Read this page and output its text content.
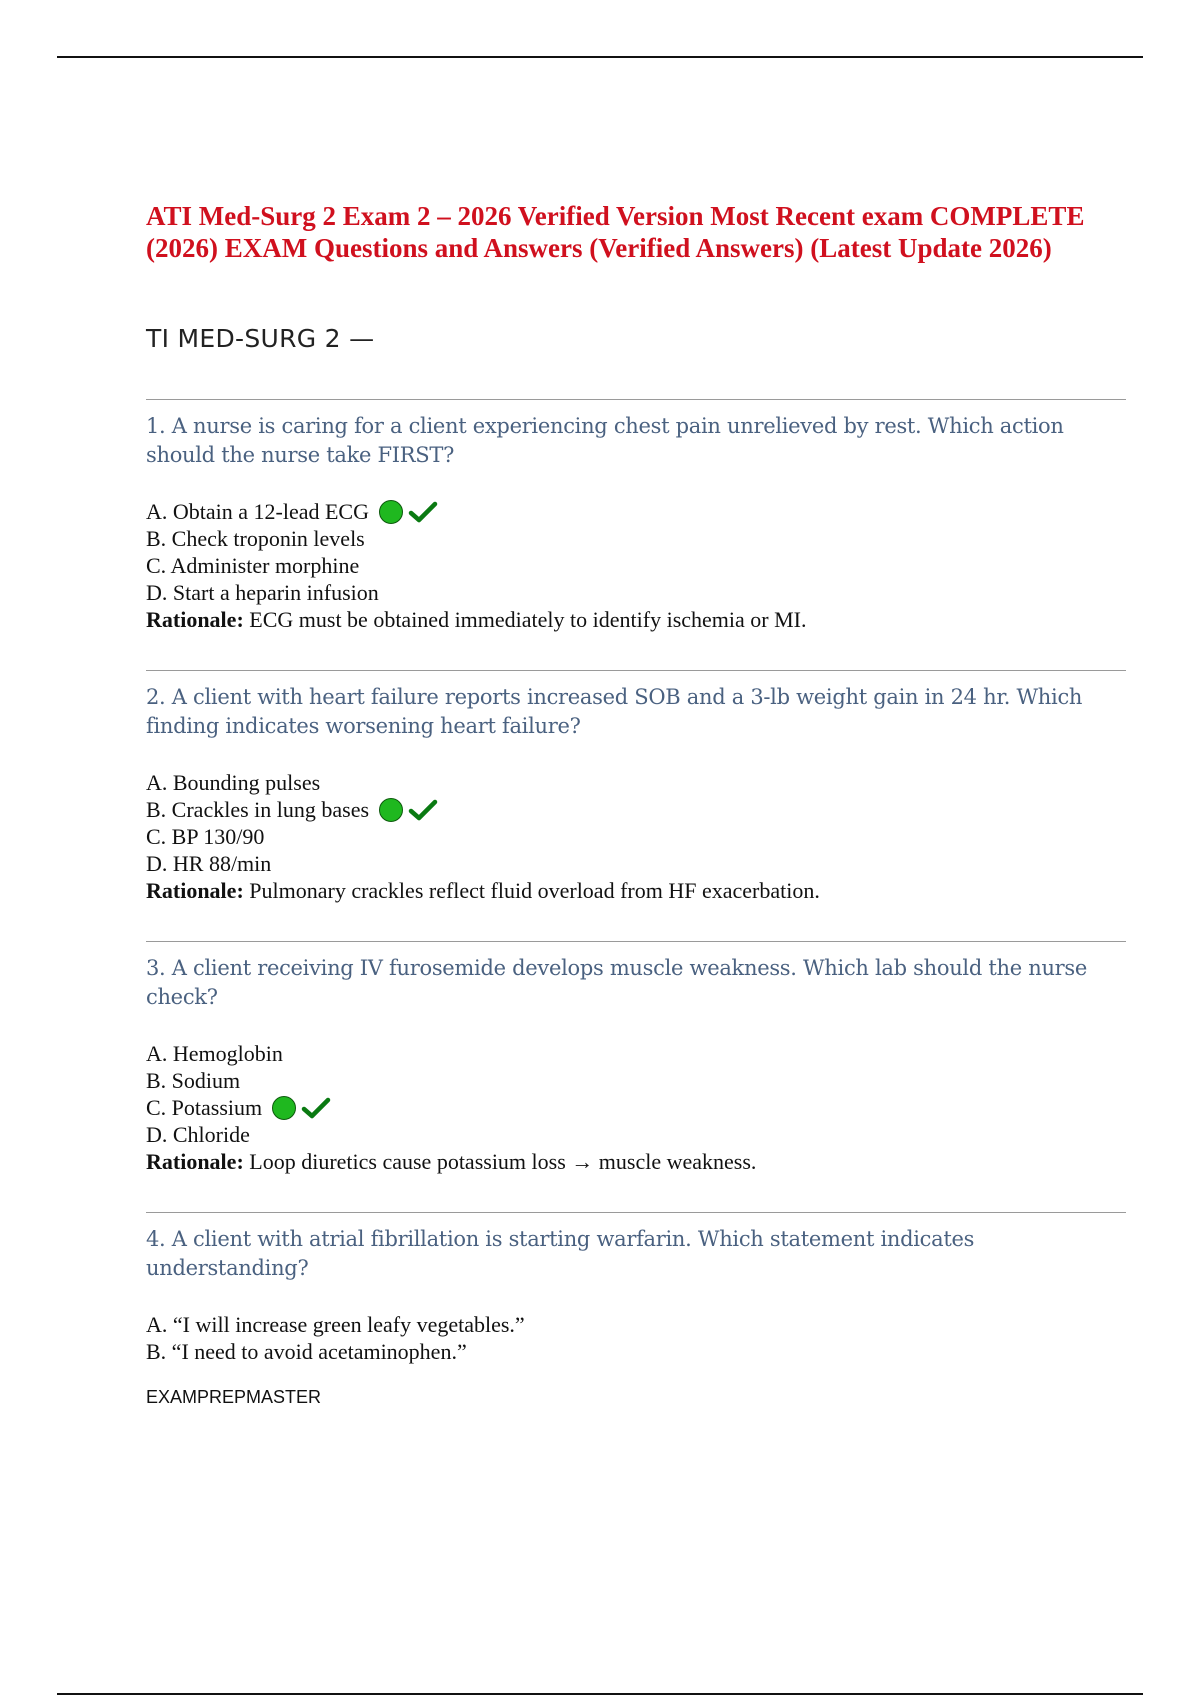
ATI Med-Surg 2 Exam 2 – 2026 Verified Version Most Recent exam COMPLETE (2026) EXAM Questions and Answers (Verified Answers) (Latest Update 2026)
TI MED-SURG 2 —

1. A nurse is caring for a client experiencing chest pain unrelieved by rest. Which action should the nurse take FIRST?

A. Obtain a 12-lead ECG
B. Check troponin levels
C. Administer morphine
D. Start a heparin infusion
Rationale: ECG must be obtained immediately to identify ischemia or MI.

2. A client with heart failure reports increased SOB and a 3-lb weight gain in 24 hr. Which finding indicates worsening heart failure?

A. Bounding pulses
B. Crackles in lung bases
C. BP 130/90
D. HR 88/min
Rationale: Pulmonary crackles reflect fluid overload from HF exacerbation.

3. A client receiving IV furosemide develops muscle weakness. Which lab should the nurse check?

A. Hemoglobin
B. Sodium
C. Potassium
D. Chloride
Rationale: Loop diuretics cause potassium loss → muscle weakness.

4. A client with atrial fibrillation is starting warfarin. Which statement indicates understanding?

A. “I will increase green leafy vegetables.”
B. “I need to avoid acetaminophen.”
EXAMPREPMASTER
